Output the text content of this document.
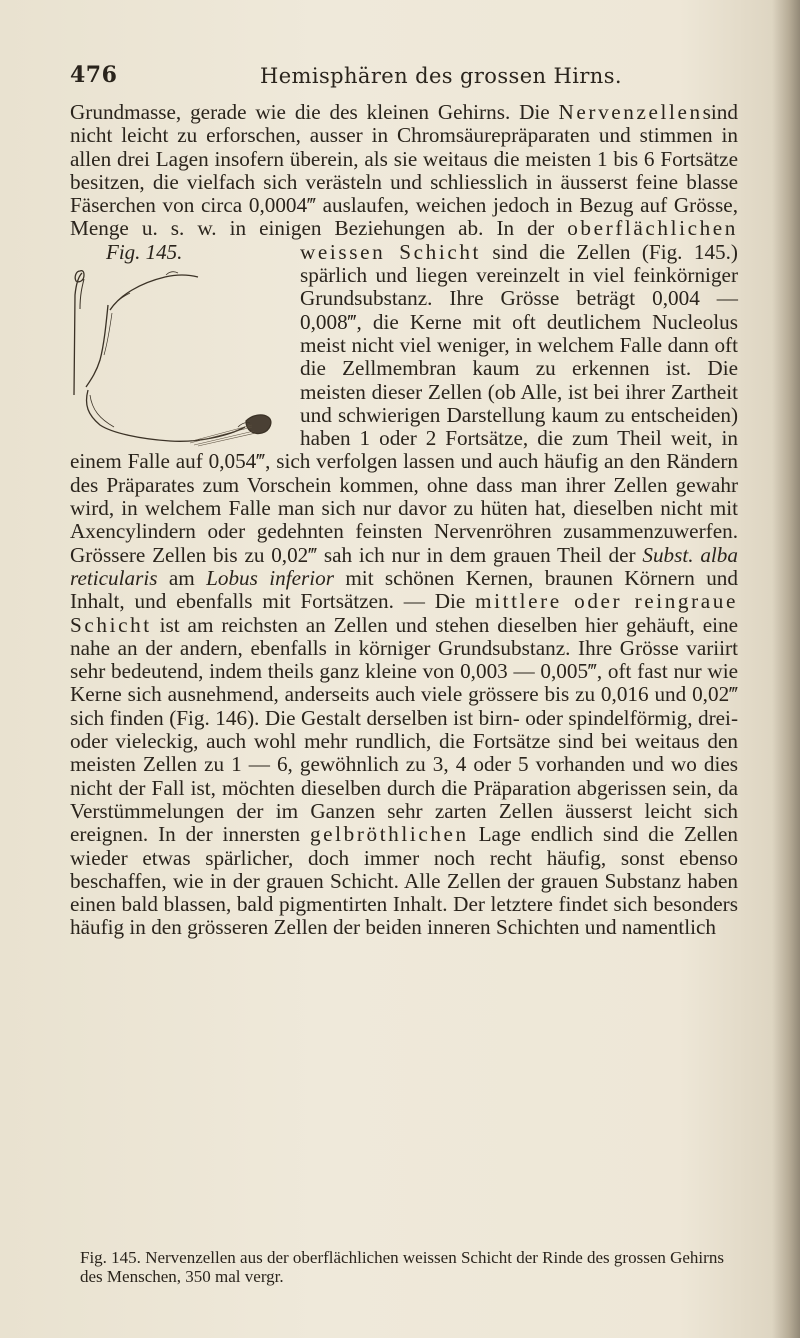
476	Hemisphären des grossen Hirns.

Grundmasse, gerade wie die des kleinen Gehirns. Die Nervenzellensind nicht leicht zu erforschen, ausser in Chromsäurepräparaten und stimmen in allen drei Lagen insofern überein, als sie weitaus die meisten 1 bis 6 Fortsätze besitzen, die vielfach sich verästeln und schliesslich in äusserst feine blasse Fäserchen von circa 0,0004‴ auslaufen, weichen jedoch in Bezug auf Grösse, Menge u. s. w. in einigen Beziehungen ab. In der oberflächlichen weissen Schicht
Fig. 145.	sind die Zellen (Fig. 145.) spärlich und liegen vereinzelt in viel feinkörniger Grundsubstanz. Ihre Grösse beträgt 0,004 — 0,008‴, die Kerne mit oft deutlichem Nucleolus meist nicht viel weniger, in welchem Falle dann oft die Zellmembran kaum zu erkennen ist. Die meisten dieser Zellen (ob Alle, ist bei ihrer Zartheit und schwierigen Darstellung kaum zu entscheiden) haben 1 oder 2 Fortsätze, die zum Theil weit, in einem Falle auf 0,054‴, sich verfolgen lassen und auch häufig an den Rändern des Präparates zum Vorschein kommen, ohne dass man ihrer Zellen gewahr wird, in welchem Falle man sich nur davor zu hüten hat, dieselben nicht mit Axencylindern oder gedehnten feinsten Nervenröhren zusammenzuwerfen. Grössere Zellen bis zu 0,02‴ sah ich nur in dem grauen Theil der Subst. alba reticularis am Lobus inferior mit schönen Kernen, braunen Körnern und Inhalt, und ebenfalls mit Fortsätzen. — Die mittlere oder reingraue Schicht ist am reichsten an Zellen und stehen dieselben hier gehäuft, eine nahe an der andern, ebenfalls in körniger Grundsubstanz. Ihre Grösse variirt sehr bedeutend, indem theils ganz kleine von 0,003 — 0,005‴, oft fast nur wie Kerne sich ausnehmend, anderseits auch viele grössere bis zu 0,016 und 0,02‴ sich finden (Fig. 146). Die Gestalt derselben ist birn- oder spindelförmig, drei- oder vieleckig, auch wohl mehr rundlich, die Fortsätze sind bei weitaus den meisten Zellen zu 1 — 6, gewöhnlich zu 3, 4 oder 5 vorhanden und wo dies nicht der Fall ist, möchten dieselben durch die Präparation abgerissen sein, da Verstümmelungen der im Ganzen sehr zarten Zellen äusserst leicht sich ereignen. In der innersten gelbröthlichen Lage endlich sind die Zellen wieder etwas spärlicher, doch immer noch recht häufig, sonst ebenso beschaffen, wie in der grauen Schicht. Alle Zellen der grauen Substanz haben einen bald blassen, bald pigmentirten Inhalt. Der letztere findet sich besonders häufig in den grösseren Zellen der beiden inneren Schichten und namentlich

Fig. 145. Nervenzellen aus der oberflächlichen weissen Schicht der Rinde des grossen Gehirns des Menschen, 350 mal vergr.
